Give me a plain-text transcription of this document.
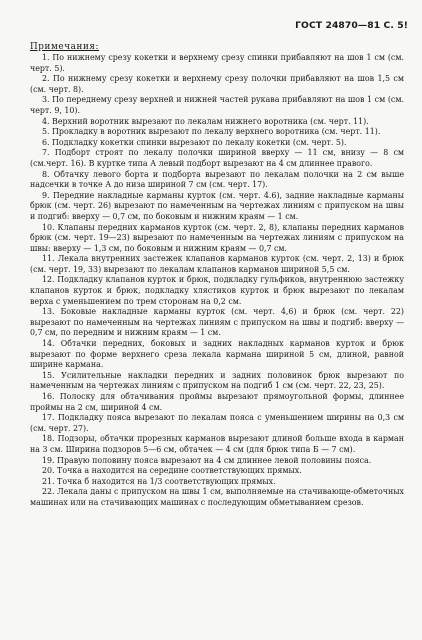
ГОСТ 24870—81 С. 5!
Примечания:

1. По нижнему срезу кокетки и верхнему срезу спинки прибавляют на шов 1 см (см. черт. 5).

2. По нижнему срезу кокетки и верхнему срезу полочки прибавляют на шов 1,5 см (см. черт. 8).

3. По переднему срезу верхней и нижней частей рукава прибавляют на шов 1 см (см. черт. 9, 10).

4. Верхний воротник вырезают по лекалам нижнего воротника (см. черт. 11).

5. Прокладку в воротник вырезают по лекалу верхнего воротника (см. черт. 11).

6. Подкладку кокетки спинки вырезают по лекалу кокетки (см. черт. 5).

7. Подборт строят по лекалу полочки шириной вверху — 11 см, внизу — 8 см (см.черт. 16). В куртке типа А левый подборт вырезают на 4 см длиннее правого.

8. Обтачку левого борта и подборта вырезают по лекалам полочки на 2 см выше надсечки в точке А до низа шириной 7 см (см. черт. 17).

9. Передние накладные карманы курток (см. черт. 4.6), задние накладные карманы брюк (см. черт. 26) вырезают по намеченным на чертежах линиям с припуском на швы и подгиб: вверху — 0,7 см, по боковым и нижним краям — 1 см.

10. Клапаны передних карманов курток (см. черт. 2, 8), клапаны передних карманов брюк (см. черт. 19—23) вырезают по намеченным на чертежах линиям с припуском на швы: вверху — 1,3 см, по боковым и нижним краям — 0,7 см.

11. Лекала внутренних застежек клапанов карманов курток (см. черт. 2, 13) и брюк (см. черт. 19, 33) вырезают по лекалам клапанов карманов шириной 5,5 см.

12. Подкладку клапанов курток и брюк, подкладку гульфиков, внутреннюю застежку клапанов курток и брюк, подкладку хлястиков курток и брюк вырезают по лекалам верха с уменьшением по трем сторонам на 0,2 см.

13. Боковые накладные карманы курток (см. черт. 4,6) и брюк (см. черт. 22) вырезают по намеченным на чертежах линиям с припуском на швы и подгиб: вверху — 0,7 см, по передним и нижним краям — 1 см.

14. Обтачки передних, боковых и задних накладных карманов курток и брюк вырезают по форме верхнего среза лекала кармана шириной 5 см, длиной, равной ширине кармана.

15. Усилительные накладки передних и задних половинок брюк вырезают по намеченным на чертежах линиям с припуском на подгиб 1 см (см. черт. 22, 23, 25).

16. Полоску для обтачивания проймы вырезают прямоугольной формы, длиннее проймы на 2 см, шириной 4 см.

17. Подкладку пояса вырезают по лекалам пояса с уменьшением ширины на 0,3 см (см. черт. 27).

18. Подзоры, обтачки прорезных карманов вырезают длиной больше входа в карман на 3 см. Ширина подзоров 5—6 см, обтачек — 4 см (для брюк типа Б — 7 см).

19. Правую половину пояса вырезают на 4 см длиннее левой половины пояса.

20. Точка а находится на середине соответствующих прямых.

21. Точка б находится на 1/3 соответствующих прямых.

22. Лекала даны с припуском на швы 1 см, выполняемые на стачивающе-обметочных машинах или на стачивающих машинах с последующим обметыванием срезов.
